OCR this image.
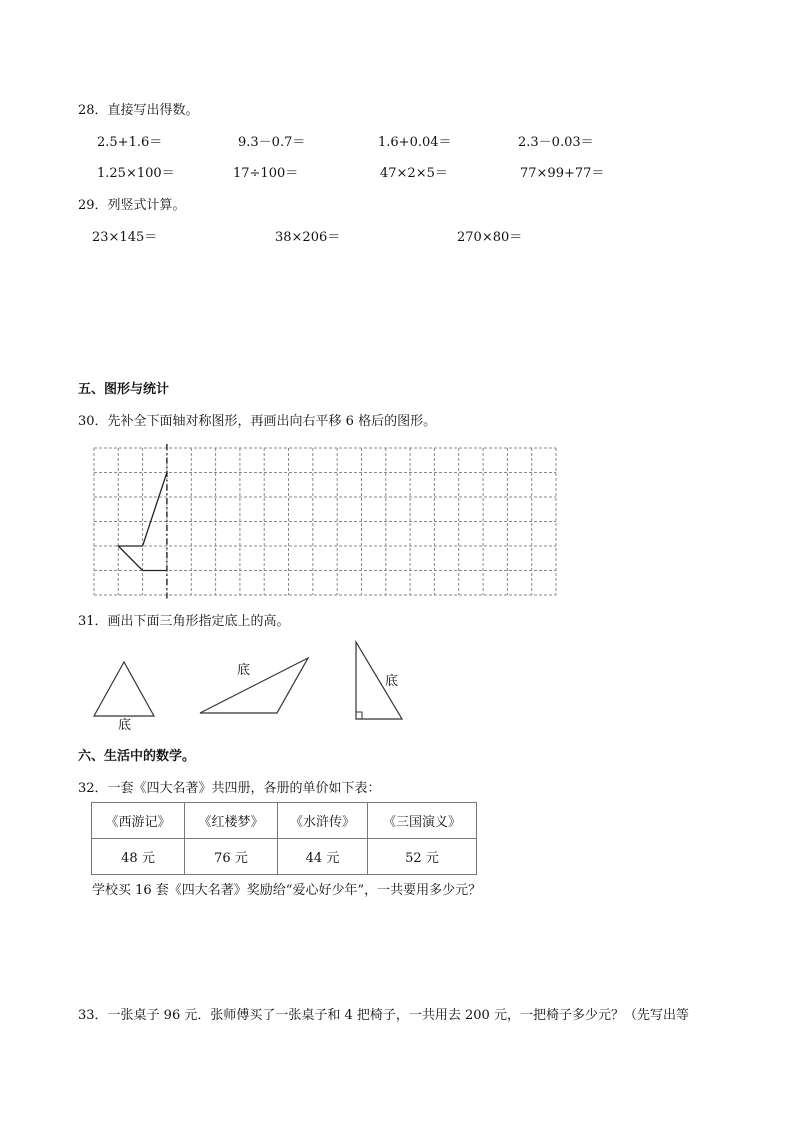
28．直接写出得数。
2.5+1.6＝	9.3－0.7＝	1.6+0.04＝	2.3－0.03＝
1.25×100＝	17÷100＝	47×2×5＝	77×99+77＝
29．列竖式计算。
23×145＝	38×206＝	270×80＝
五、图形与统计
30．先补全下面轴对称图形，再画出向右平移 6 格后的图形。
31．画出下面三角形指定底上的高。
底
底
底
六、生活中的数学。
32．一套《四大名著》共四册，各册的单价如下表：
《西游记》	《红楼梦》	《水浒传》	《三国演义》
48 元	76 元	44 元	52 元
学校买 16 套《四大名著》奖励给“爱心好少年”，一共要用多少元？
33．一张桌子 96 元．张师傅买了一张桌子和 4 把椅子，一共用去 200 元，一把椅子多少元？（先写出等
